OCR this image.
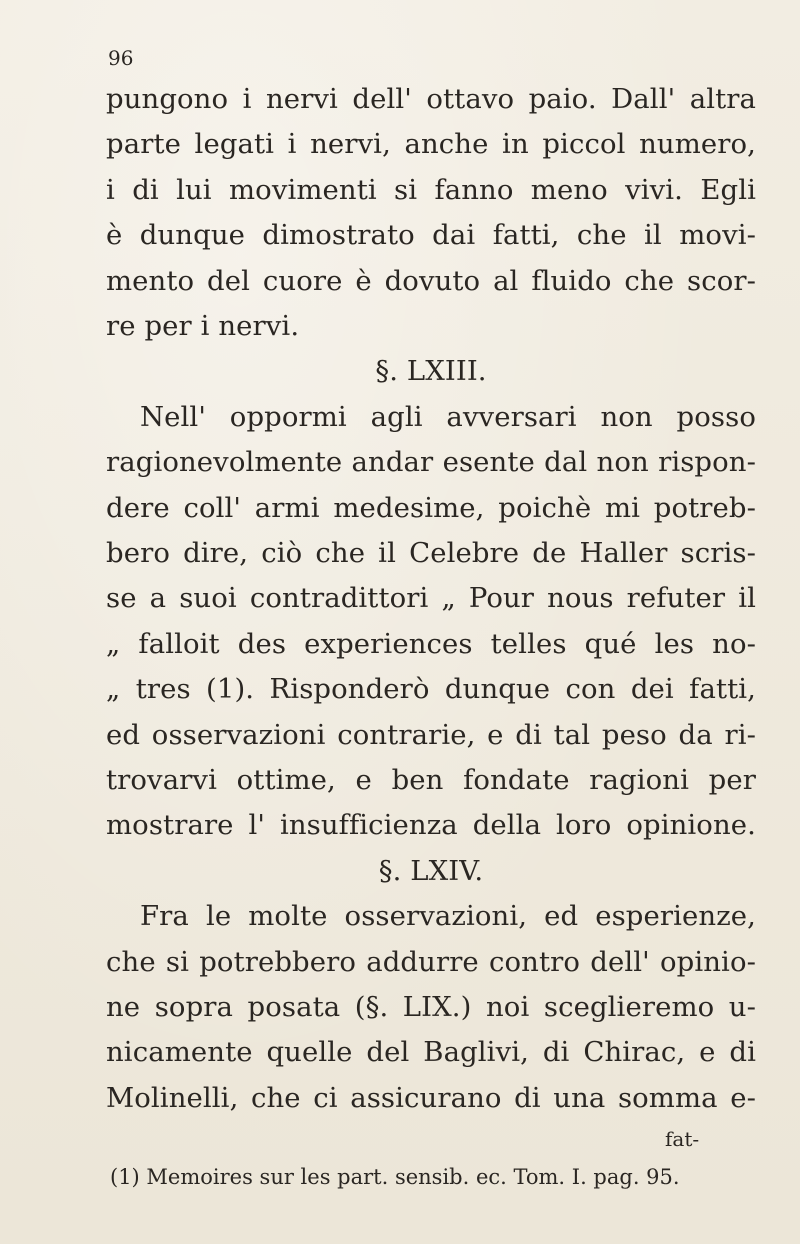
96
pungono i nervi dell' ottavo paio. Dall' altra
parte legati i nervi, anche in piccol numero,
i di lui movimenti si fanno meno vivi. Egli
è dunque dimostrato dai fatti, che il movi-
mento del cuore è dovuto al fluido che scor-
re per i nervi.
§. LXIII.
Nell' oppormi agli avversari non posso
ragionevolmente andar esente dal non rispon-
dere coll' armi medesime, poichè mi potreb-
bero dire, ciò che il Celebre de Haller scris-
se a suoi contradittori „ Pour nous refuter il
„ falloit des experiences telles qué les no-
„ tres (1). Risponderò dunque con dei fatti,
ed osservazioni contrarie, e di tal peso da ri-
trovarvi ottime, e ben fondate ragioni per
mostrare l' insufficienza della loro opinione.
§. LXIV.
Fra le molte osservazioni, ed esperienze,
che si potrebbero addurre contro dell' opinio-
ne sopra posata (§. LIX.) noi sceglieremo u-
nicamente quelle del Baglivi, di Chirac, e di
Molinelli, che ci assicurano di una somma e-
fat-
(1) Memoires sur les part. sensib. ec. Tom. I. pag. 95.
